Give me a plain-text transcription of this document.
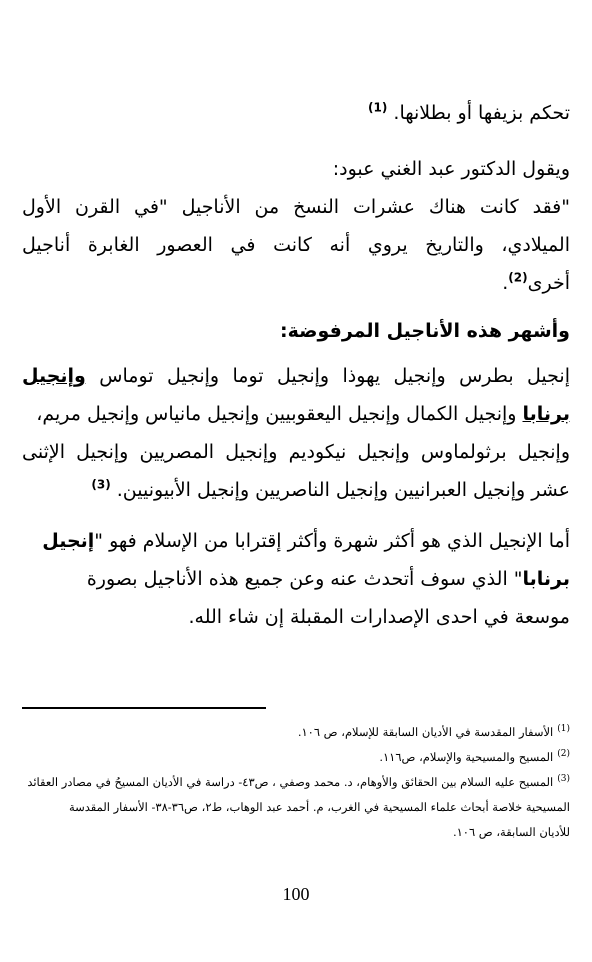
تحكم بزيفها أو بطلانها. $^{(1)}$
ويقول الدكتور عبد الغني عبود:
"فقد كانت هناك عشرات النسخ من الأناجيل "في القرن الأول
الميلادي، والتاريخ يروي أنه كانت في العصور الغابرة أناجيل
أخرى$^{(2)}$.
وأشهر هذه الأناجيل المرفوضة:
إنجيل بطرس وإنجيل يهوذا وإنجيل توما وإنجيل توماس وإنجيل
برنابا وإنجيل الكمال وإنجيل اليعقوبيين وإنجيل مانياس وإنجيل مريم،
وإنجيل برثولماوس وإنجيل نيكوديم وإنجيل المصريين وإنجيل الإثنى
عشر وإنجيل العبرانيين وإنجيل الناصريين وإنجيل الأبيونيين. $^{(3)}$
أما الإنجيل الذي هو أكثر شهرة وأكثر إقترابا من الإسلام فهو "إنجيل
برنابا" الذي سوف أتحدث عنه وعن جميع هذه الأناجيل بصورة
موسعة في احدى الإصدارات المقبلة إن شاء الله.
$^{(1)}$الأسفار المقدسة في الأديان السابقة للإسلام، ص ١٠٦.
$^{(2)}$المسيح والمسيحية والإسلام، ص١١٦.
$^{(3)}$المسيح عليه السلام بين الحقائق والأوهام، د. محمد وصفي ، ص٤٣- دراسة في الأديان المسيحُ في مصادر العقائد
المسيحية خلاصة أبحاث علماء المسيحية في الغرب، م. أحمد عبد الوهاب، ط٢، ص٣٦-٣٨- الأسفار المقدسة
للأديان السابقة، ص ١٠٦.
100
